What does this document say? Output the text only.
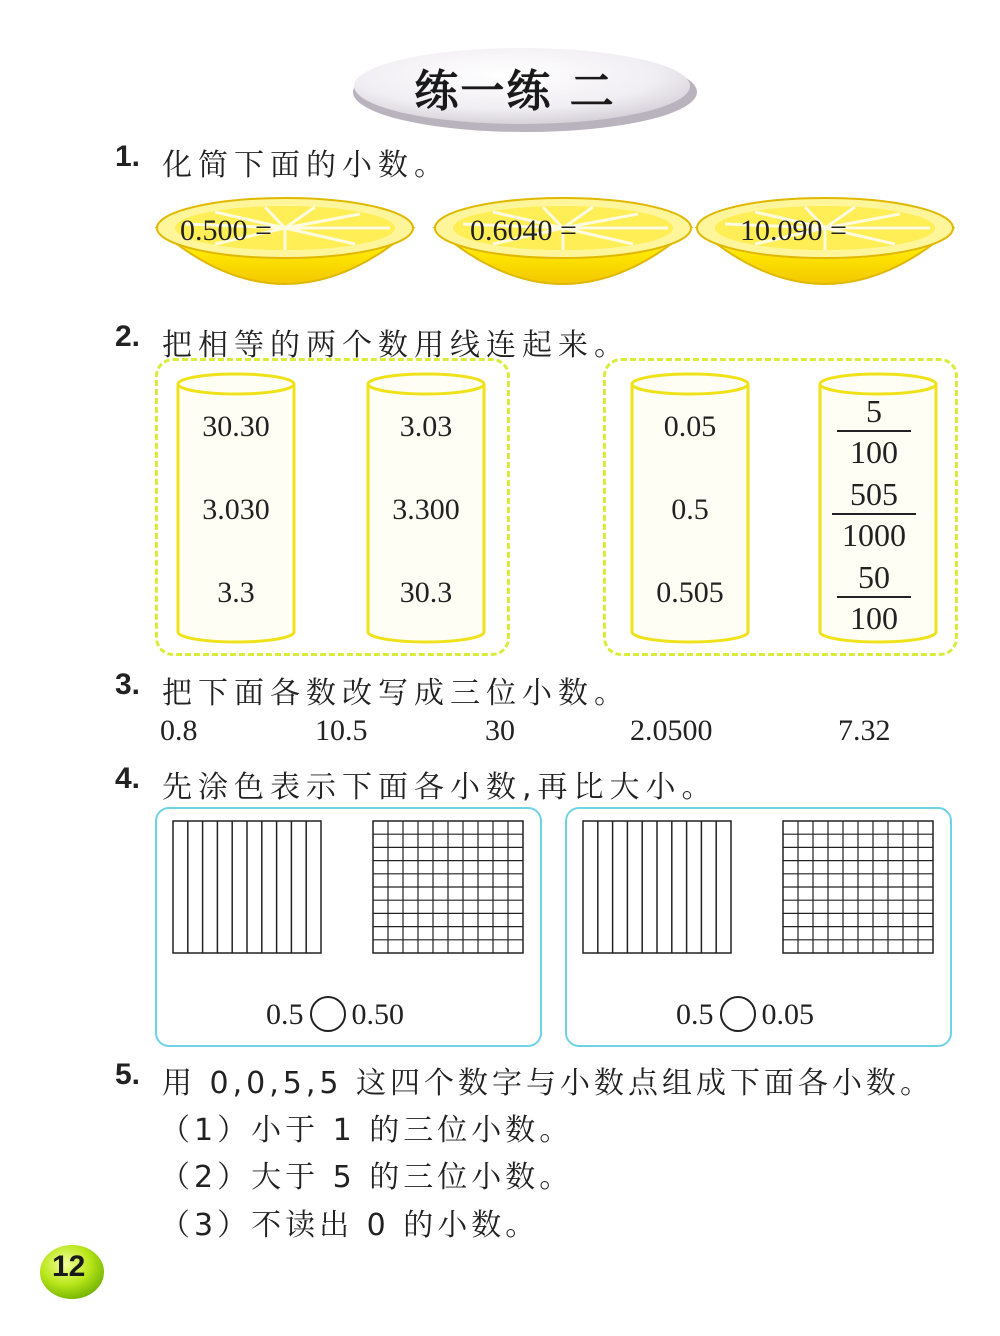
练一练 二
1. 化简下面的小数。
0.500 =	0.6040 =	10.090 =
2. 把相等的两个数用线连起来。
30.30
3.030
3.3
3.03
3.300
30.3
0.05
0.5
0.505
5
100
505
1000
50
100
3. 把下面各数改写成三位小数。
0.8	10.5	30	2.0500	7.32
4. 先涂色表示下面各小数,再比大小。
0.5 0.50	0.5 0.05
5. 用 0,0,5,5 这四个数字与小数点组成下面各小数。
（1）小于 1 的三位小数。
（2）大于 5 的三位小数。
（3）不读出 0 的小数。
12
